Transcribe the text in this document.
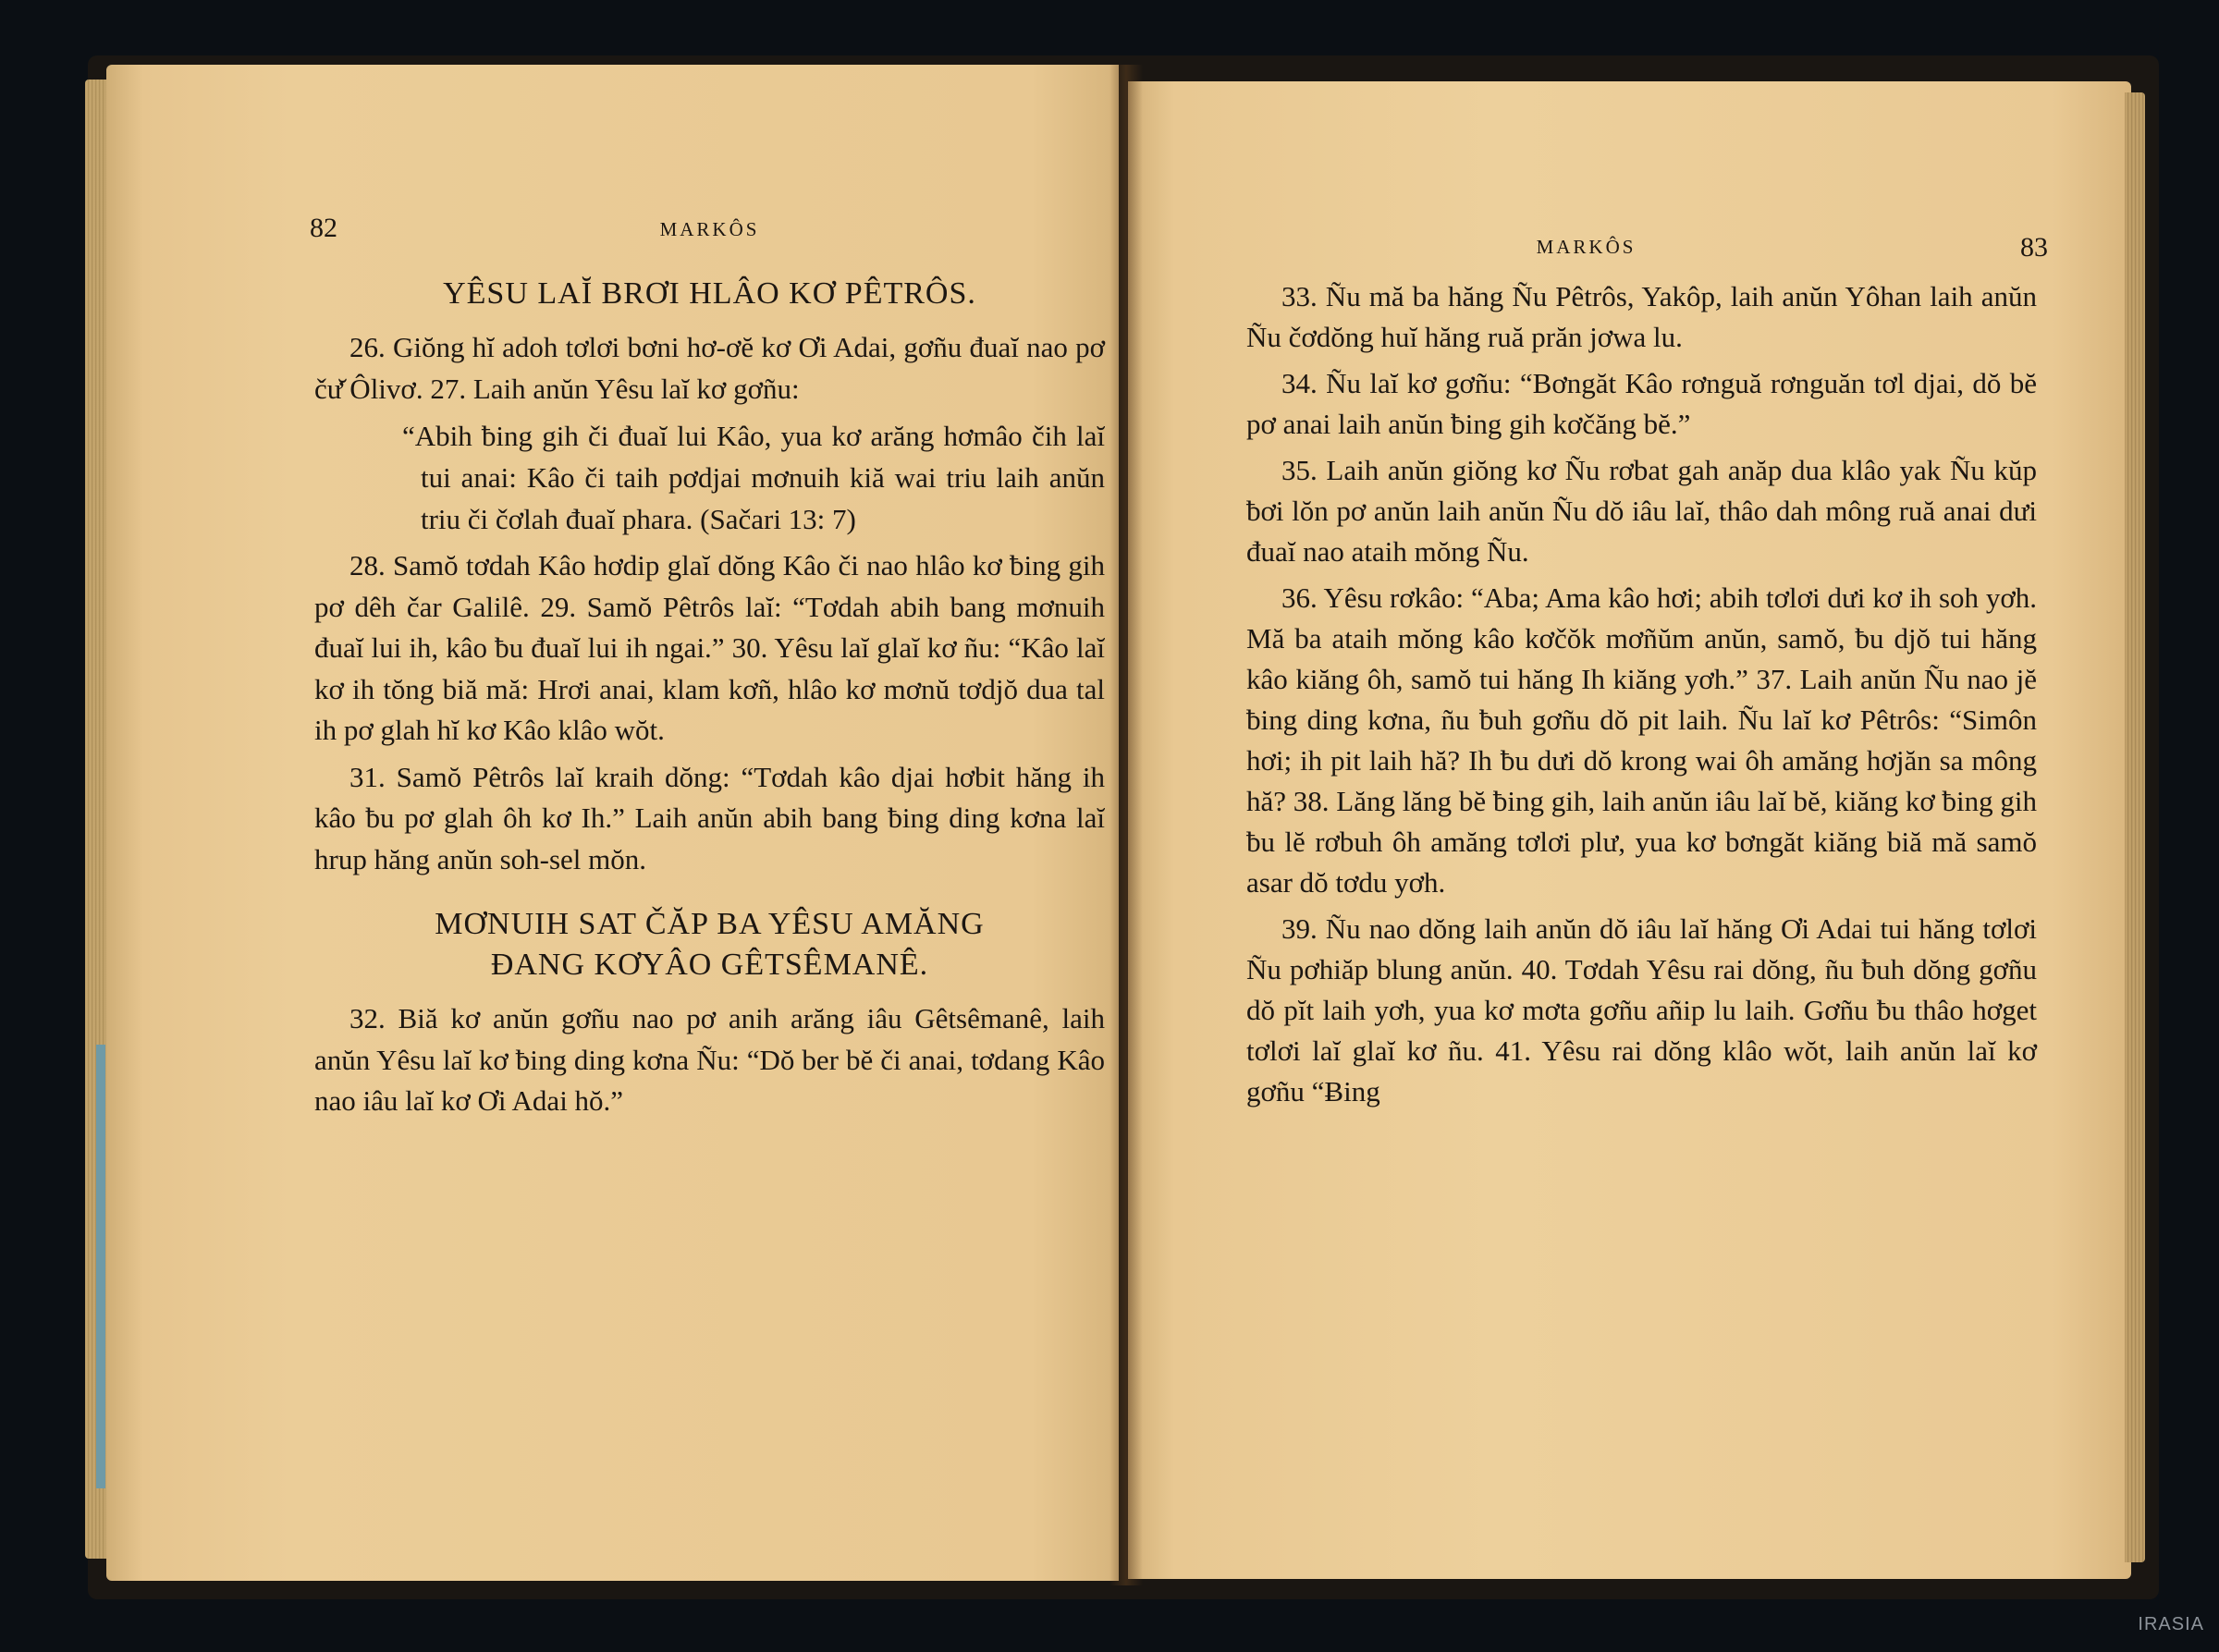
82	MARKÔS
YÊSU LAĬ BRƠI HLÂO KƠ PÊTRÔS.

26. Giŏng hĭ adoh tơlơi bơni hơ-ơĕ kơ Ơi Adai, gơñu đuaĭ nao pơ čư̆ Ôlivơ. 27. Laih anŭn Yêsu laĭ kơ gơñu:

“Abih ƀing gih či đuaĭ lui Kâo, yua kơ arăng hơmâo čih laĭ tui anai: Kâo či taih pơdjai mơnuih kiă wai triu laih anŭn triu či čơlah đuaĭ phara. (Sačari 13: 7)

28. Samŏ tơdah Kâo hơdip glaĭ dŏng Kâo či nao hlâo kơ ƀing gih pơ dêh čar Galilê. 29. Samŏ Pêtrôs laĭ: “Tơdah abih bang mơnuih đuaĭ lui ih, kâo ƀu đuaĭ lui ih ngai.” 30. Yêsu laĭ glaĭ kơ ñu: “Kâo laĭ kơ ih tŏng biă mă: Hrơi anai, klam kơñ, hlâo kơ mơnŭ tơdjŏ dua tal ih pơ glah hĭ kơ Kâo klâo wŏt.

31. Samŏ Pêtrôs laĭ kraih dŏng: “Tơdah kâo djai hơbit hăng ih kâo ƀu pơ glah ôh kơ Ih.” Laih anŭn abih bang ƀing ding kơna laĭ hrup hăng anŭn soh-sel mŏn.

MƠNUIH SAT ČĂP BA YÊSU AMĂNG
ĐANG KƠYÂO GÊTSÊMANÊ.

32. Biă kơ anŭn gơñu nao pơ anih arăng iâu Gêtsêmanê, laih anŭn Yêsu laĭ kơ ƀing ding kơna Ñu: “Dŏ ber bĕ či anai, tơdang Kâo nao iâu laĭ kơ Ơi Adai hŏ.”

MARKÔS	83

33. Ñu mă ba hăng Ñu Pêtrôs, Yakôp, laih anŭn Yôhan laih anŭn Ñu čơdŏng huĭ hăng ruă prăn jơwa lu.

34. Ñu laĭ kơ gơñu: “Bơngăt Kâo rơnguă rơnguăn tơl djai, dŏ bĕ pơ anai laih anŭn ƀing gih kơčăng bĕ.”

35. Laih anŭn giŏng kơ Ñu rơbat gah anăp dua klâo yak Ñu kŭp ƀơi lŏn pơ anŭn laih anŭn Ñu dŏ iâu laĭ, thâo dah mông ruă anai dưi đuaĭ nao ataih mŏng Ñu.

36. Yêsu rơkâo: “Aba; Ama kâo hơi; abih tơlơi dưi kơ ih soh yơh. Mă ba ataih mŏng kâo kơčŏk mơñŭm anŭn, samŏ, ƀu djŏ tui hăng kâo kiăng ôh, samŏ tui hăng Ih kiăng yơh.” 37. Laih anŭn Ñu nao jĕ ƀing ding kơna, ñu ƀuh gơñu dŏ pit laih. Ñu laĭ kơ Pêtrôs: “Simôn hơi; ih pit laih hă? Ih ƀu dưi dŏ krong wai ôh amăng hơjăn sa mông hă? 38. Lăng lăng bĕ ƀing gih, laih anŭn iâu laĭ bĕ, kiăng kơ ƀing gih ƀu lĕ rơbuh ôh amăng tơlơi plư, yua kơ bơngăt kiăng biă mă samŏ asar dŏ tơdu yơh.

39. Ñu nao dŏng laih anŭn dŏ iâu laĭ hăng Ơi Adai tui hăng tơlơi Ñu pơhiăp blung anŭn. 40. Tơdah Yêsu rai dŏng, ñu ƀuh dŏng gơñu dŏ pĭt laih yơh, yua kơ mơta gơñu añip lu laih. Gơñu ƀu thâo hơget tơlơi laĭ glaĭ kơ ñu. 41. Yêsu rai dŏng klâo wŏt, laih anŭn laĭ kơ gơñu “Ƀing

IRASIA
